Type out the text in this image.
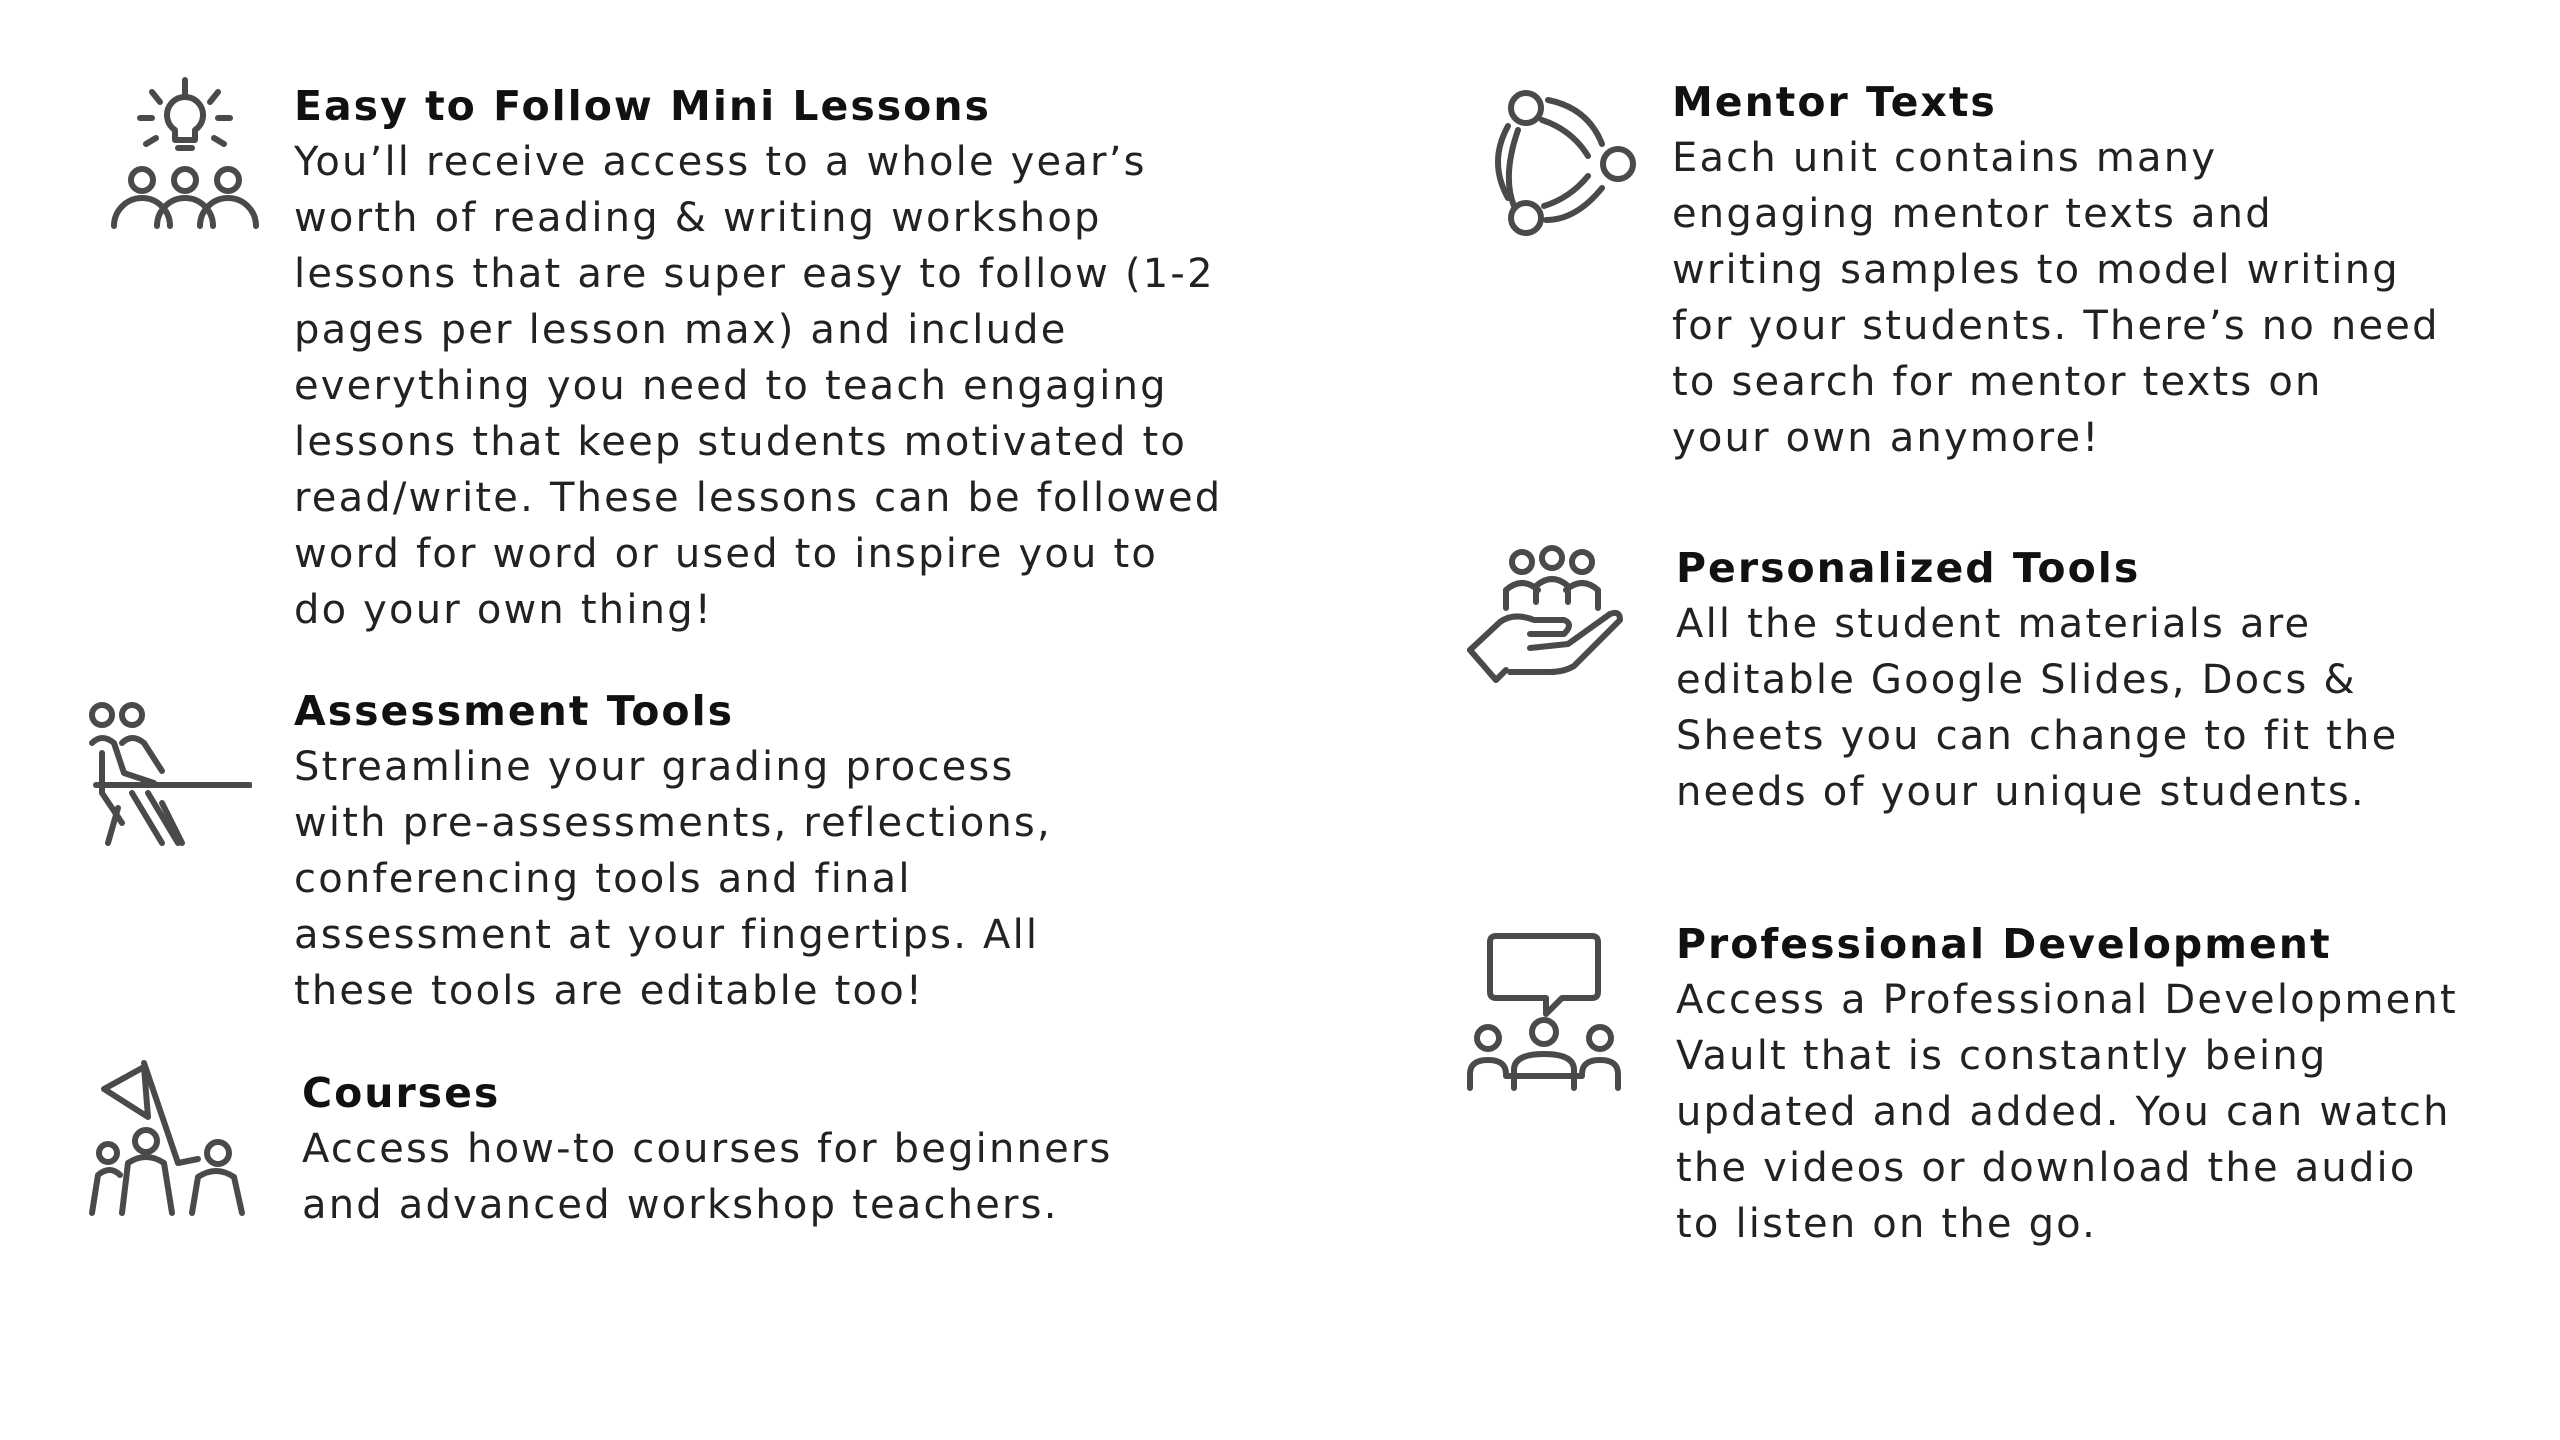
Easy to Follow Mini Lessons

You’ll receive access to a whole year’s
worth of reading & writing workshop
lessons that are super easy to follow (1-2
pages per lesson max) and include
everything you need to teach engaging
lessons that keep students motivated to
read/write. These lessons can be followed
word for word or used to inspire you to
do your own thing!

Assessment Tools

Streamline your grading process
with pre-assessments, reflections,
conferencing tools and final
assessment at your fingertips. All
these tools are editable too!

Courses

Access how-to courses for beginners
and advanced workshop teachers.

Mentor Texts

Each unit contains many
engaging mentor texts and
writing samples to model writing
for your students. There’s no need
to search for mentor texts on
your own anymore!

Personalized Tools

All the student materials are
editable Google Slides, Docs &
Sheets you can change to fit the
needs of your unique students.

Professional Development

Access a Professional Development
Vault that is constantly being
updated and added. You can watch
the videos or download the audio
to listen on the go.
